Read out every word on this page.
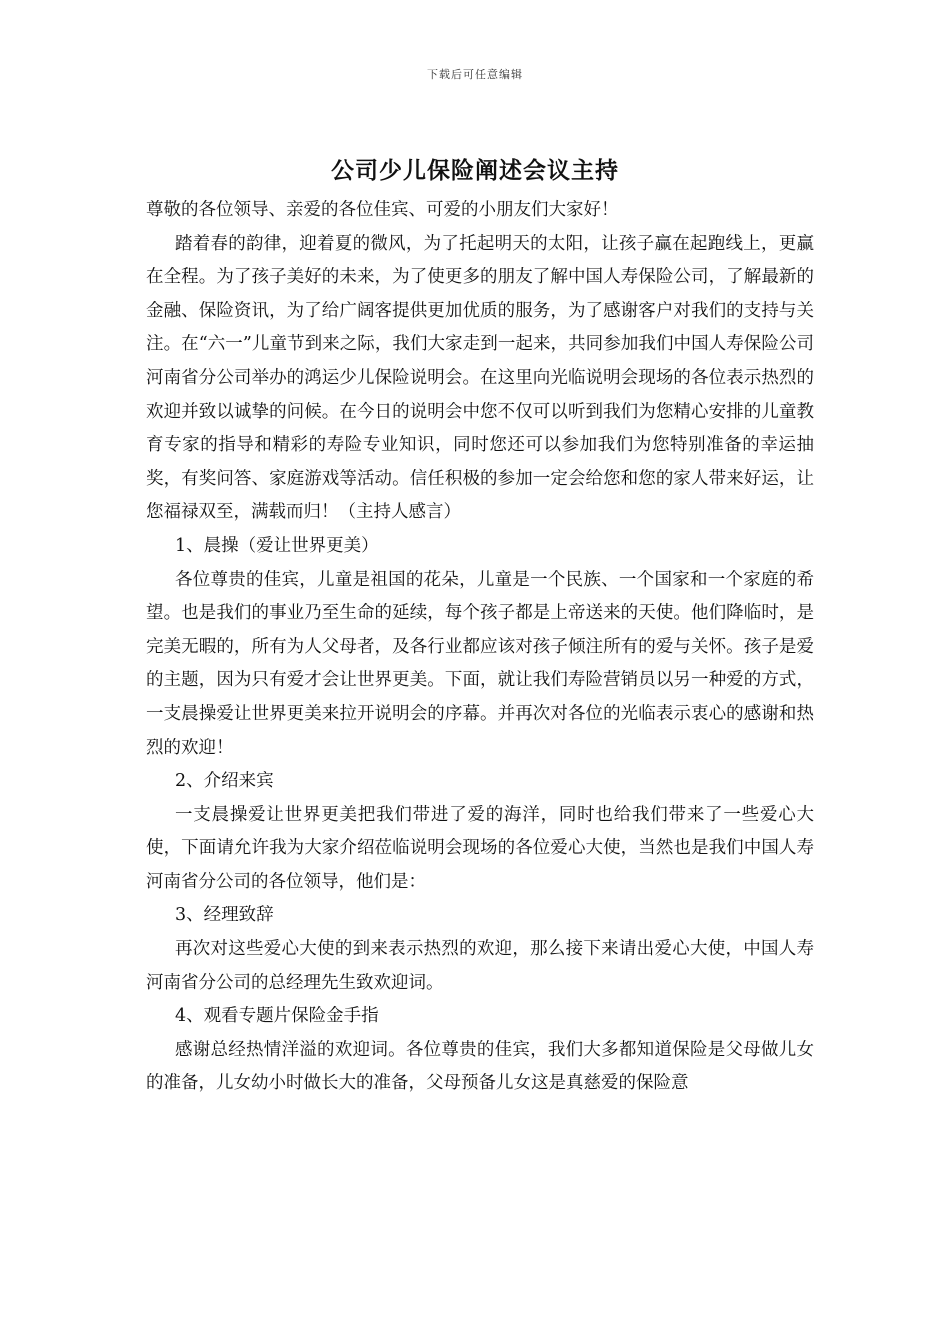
下载后可任意编辑
公司少儿保险阐述会议主持

尊敬的各位领导、亲爱的各位佳宾、可爱的小朋友们大家好！

踏着春的韵律，迎着夏的微风，为了托起明天的太阳，让孩子赢在起跑线上，更赢在全程。为了孩子美好的未来，为了使更多的朋友了解中国人寿保险公司，了解最新的金融、保险资讯，为了给广阔客提供更加优质的服务，为了感谢客户对我们的支持与关注。在“六一”儿童节到来之际，我们大家走到一起来，共同参加我们中国人寿保险公司河南省分公司举办的鸿运少儿保险说明会。在这里向光临说明会现场的各位表示热烈的欢迎并致以诚挚的问候。在今日的说明会中您不仅可以听到我们为您精心安排的儿童教育专家的指导和精彩的寿险专业知识，同时您还可以参加我们为您特别准备的幸运抽奖，有奖问答、家庭游戏等活动。信任积极的参加一定会给您和您的家人带来好运，让您福禄双至，满载而归！（主持人感言）

1、晨操（爱让世界更美）

各位尊贵的佳宾，儿童是祖国的花朵，儿童是一个民族、一个国家和一个家庭的希望。也是我们的事业乃至生命的延续，每个孩子都是上帝送来的天使。他们降临时，是完美无暇的，所有为人父母者，及各行业都应该对孩子倾注所有的爱与关怀。孩子是爱的主题，因为只有爱才会让世界更美。下面，就让我们寿险营销员以另一种爱的方式，一支晨操爱让世界更美来拉开说明会的序幕。并再次对各位的光临表示衷心的感谢和热烈的欢迎！

2、介绍来宾

一支晨操爱让世界更美把我们带进了爱的海洋，同时也给我们带来了一些爱心大使，下面请允许我为大家介绍莅临说明会现场的各位爱心大使，当然也是我们中国人寿河南省分公司的各位领导，他们是：

3、经理致辞

再次对这些爱心大使的到来表示热烈的欢迎，那么接下来请出爱心大使，中国人寿河南省分公司的总经理先生致欢迎词。

4、观看专题片保险金手指

感谢总经热情洋溢的欢迎词。各位尊贵的佳宾，我们大多都知道保险是父母做儿女的准备，儿女幼小时做长大的准备，父母预备儿女这是真慈爱的保险意
